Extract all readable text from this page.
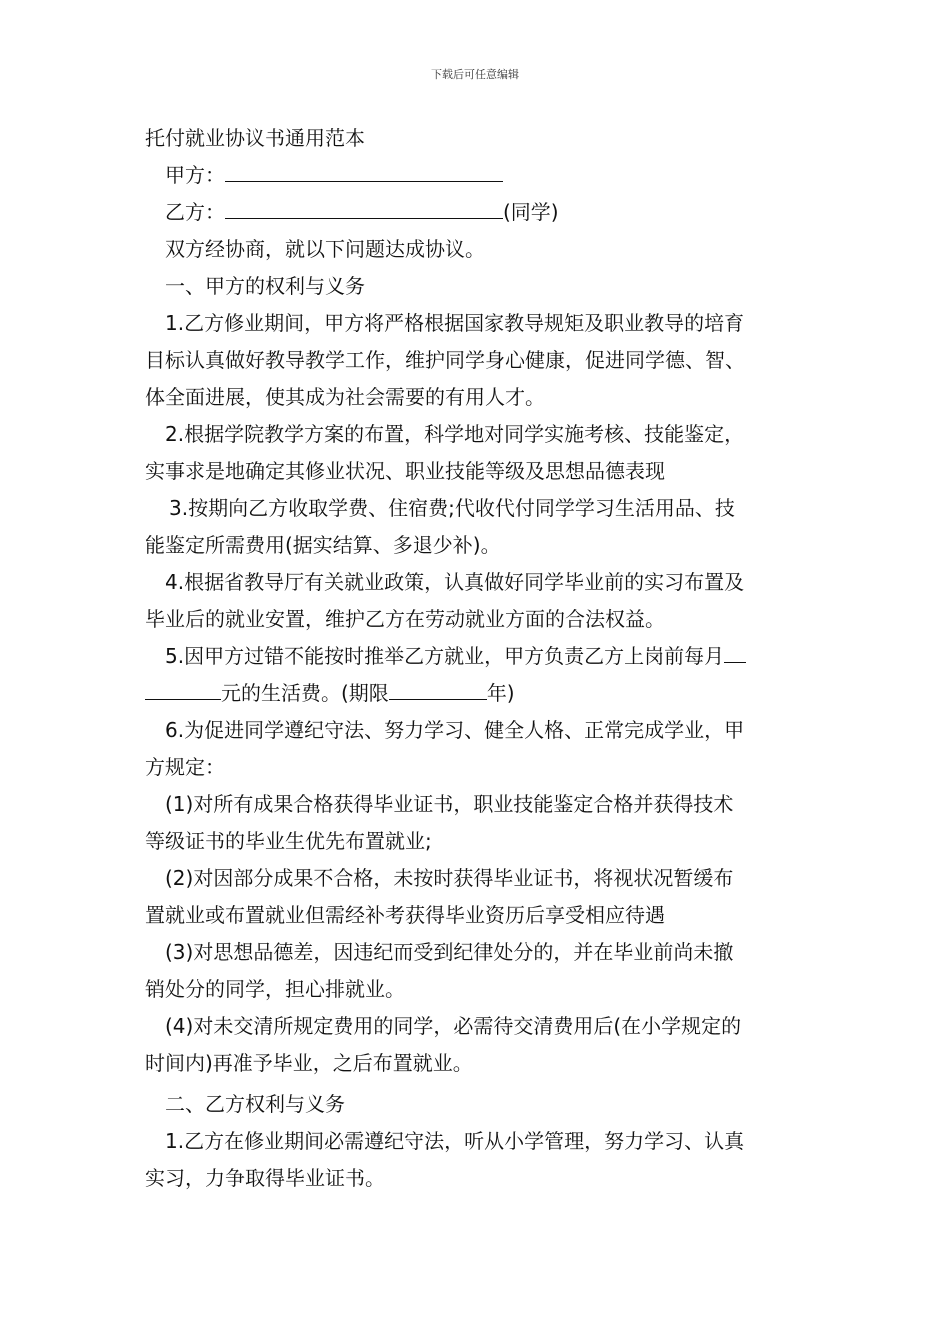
下载后可任意编辑
托付就业协议书通用范本
甲方：
乙方：	(同学)
双方经协商，就以下问题达成协议。
一、甲方的权利与义务
1.乙方修业期间，甲方将严格根据国家教导规矩及职业教导的培育
目标认真做好教导教学工作，维护同学身心健康，促进同学德、智、
体全面进展，使其成为社会需要的有用人才。
2.根据学院教学方案的布置，科学地对同学实施考核、技能鉴定，
实事求是地确定其修业状况、职业技能等级及思想品德表现
3.按期向乙方收取学费、住宿费;代收代付同学学习生活用品、技
能鉴定所需费用(据实结算、多退少补)。
4.根据省教导厅有关就业政策，认真做好同学毕业前的实习布置及
毕业后的就业安置，维护乙方在劳动就业方面的合法权益。
5.因甲方过错不能按时推举乙方就业，甲方负责乙方上岗前每月
元的生活费。(期限	年)
6.为促进同学遵纪守法、努力学习、健全人格、正常完成学业，甲
方规定：
(1)对所有成果合格获得毕业证书，职业技能鉴定合格并获得技术
等级证书的毕业生优先布置就业;
(2)对因部分成果不合格，未按时获得毕业证书，将视状况暂缓布
置就业或布置就业但需经补考获得毕业资历后享受相应待遇
(3)对思想品德差，因违纪而受到纪律处分的，并在毕业前尚未撤
销处分的同学，担心排就业。
(4)对未交清所规定费用的同学，必需待交清费用后(在小学规定的
时间内)再准予毕业，之后布置就业。
二、乙方权利与义务
1.乙方在修业期间必需遵纪守法，听从小学管理，努力学习、认真
实习，力争取得毕业证书。
